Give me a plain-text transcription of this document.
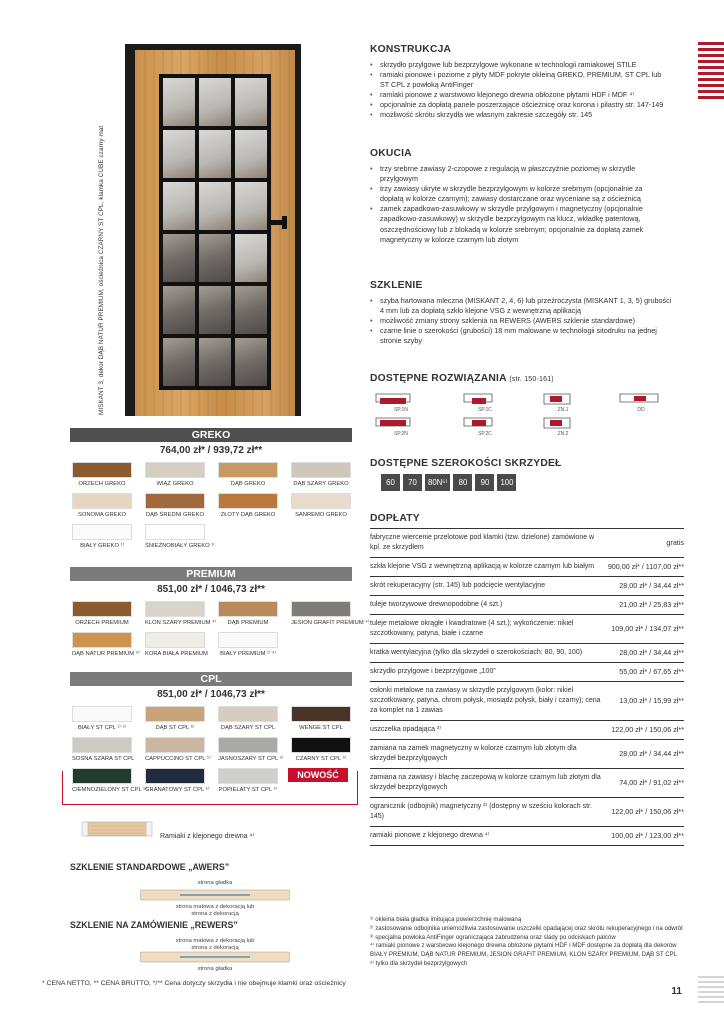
MISKANT 3, dekor DĄB NATUR PREMIUM, ościeżnica CZARNY ST CPL, klamka CUBE czarny mat
GREKO
764,00 zł* / 939,72 zł**
ORZECH GREKO	WIĄZ GREKO	DĄB GREKO	DĄB SZARY GREKO
SONOMA GREKO	DĄB ŚREDNI GREKO	ZŁOTY DĄB GREKO	SANREMO GREKO
BIAŁY GREKO ¹⁾	ŚNIEŻNOBIAŁY GREKO ¹⁾
PREMIUM
851,00 zł* / 1046,73 zł**
ORZECH PREMIUM	KLON SZARY PREMIUM ⁴⁾	DĄB PREMIUM	JESION GRAFIT PREMIUM ⁴⁾
DĄB NATUR PREMIUM ⁴⁾ KORA BIAŁA PREMIUM	BIAŁY PREMIUM ¹⁾ ⁴⁾
CPL
851,00 zł* / 1046,73 zł**
BIAŁY ST CPL ¹⁾ ⁵⁾	DĄB ST CPL ⁵⁾	DĄB SZARY ST CPL	WENGE ST CPL
SOSNA SZARA ST CPL CAPPUCCINO ST CPL ⁵⁾ JASNOSZARY ST CPL ⁵⁾	CZARNY ST CPL ⁵⁾
CIEMNOZIELONY ST CPL ⁵⁾
GRANATOWY ST CPL ⁵⁾ POPIELATY ST CPL ⁵⁾
NOWOŚĆ
Ramiaki z klejonego drewna ⁴⁾
SZKLENIE STANDARDOWE „AWERS”
strona gładka
strona matowa z dekoracją lub
strona z dekoracją
SZKLENIE NA ZAMÓWIENIE „REWERS”
strona matowa z dekoracją lub
strona z dekoracją
strona gładka
* CENA NETTO, ** CENA BRUTTO, */** Cena dotyczy skrzydła i nie obejmuje klamki oraz ościeżnicy
KONSTRUKCJA
• skrzydło przylgowe lub bezprzylgowe wykonane w technologii ramiakowej STILE
• ramiaki pionowe i poziome z płyty MDF pokryte okleiną GREKO, PREMIUM, ST CPL lub
ST CPL z powłoką AntiFinger
• ramiaki pionowe z warstwowo klejonego drewna obłożone płytami HDF i MDF ⁴⁾
• opcjonalnie za dopłatą panele poszerzające ościeżnicę oraz korona i pilastry str. 147-149
• możliwość skrótu skrzydła we własnym zakresie szczegóły str. 145
OKUCIA
• trzy srebrne zawiasy 2-czopowe z regulacją w płaszczyźnie poziomej w skrzydle
przylgowym
• trzy zawiasy ukryte w skrzydle bezprzylgowym w kolorze srebrnym (opcjonalnie za
dopłatą w kolorze czarnym); zawiasy dostarczane oraz wyceniane są z ościeżnicą
• zamek zapadkowo-zasuwkowy w skrzydle przylgowym i magnetyczny (opcjonalnie
zapadkowo-zasuwkowy) w skrzydle bezprzylgowym na klucz, wkładkę patentową,
oszczędnościowy lub z blokadą w kolorze srebrnym; opcjonalnie za dopłatą zamek
magnetyczny w kolorze czarnym lub złotym
SZKLENIE
• szyba hartowana mleczna (MISKANT 2, 4, 6) lub przeźroczysta (MISKANT 1, 3, 5) grubości
4 mm lub za dopłatą szkło klejone VSG z wewnętrzną aplikacją
• możliwość zmiany strony szklenia na REWERS (AWERS szklenie standardowe)
• czarne linie o szerokości (grubości) 18 mm malowane w technologii sitodruku na jednej
stronie szyby
DOSTĘPNE ROZWIĄZANIA (str. 150-161)
SP.1N	SP.1C	ZN.1	DD
SP.2N	SP.2C	ZN.2
DOSTĘPNE SZEROKOŚCI SKRZYDEŁ
60	70	80N⁵⁾	80	90	100
DOPŁATY
fabryczne wiercenie przelotowe pod klamki (tzw. dzielone) zamówione w kpl. ze skrzydłem	gratis
szkła klejone VSG z wewnętrzną aplikacją w kolorze czarnym lub białym	900,00 zł* / 1107,00 zł**
skrót rekuperacyjny (str. 145) lub podcięcie wentylacyjne	28,00 zł* / 34,44 zł**
tuleje tworzywowe drewnopodobne (4 szt.)	21,00 zł* / 25,83 zł**
tuleje metalowe okrągłe i kwadratowe (4 szt.); wykończenie: nikiel szczotkowany, patyna, białe i czarne	109,00 zł* / 134,07 zł**
kratka wentylacyjna (tylko dla skrzydeł o szerokościach: 80, 90, 100)	28,00 zł* / 34,44 zł**
skrzydło przylgowe i bezprzylgowe „100”	55,00 zł* / 67,65 zł**
osłonki metalowe na zawiasy w skrzydle przylgowym (kolor: nikiel szczotkowany, patyna, chrom połysk, mosiądz połysk, biały i czarny); cena za komplet na 1 zawias	13,00 zł* / 15,99 zł**
uszczelka opadająca ³⁾	122,00 zł* / 150,06 zł**
zamiana na zamek magnetyczny w kolorze czarnym lub złotym dla skrzydeł bezprzylgowych	28,00 zł* / 34,44 zł**
zamiana na zawiasy i blachę zaczepową w kolorze czarnym lub złotym dla skrzydeł bezprzylgowych	74,00 zł* / 91,02 zł**
ogranicznik (odbojnik) magnetyczny ²⁾ (dostępny w sześciu kolorach str. 145)	122,00 zł* / 150,06 zł**
ramiaki pionowe z klejonego drewna ⁴⁾	100,00 zł* / 123,00 zł**
¹⁾ okleina biała gładka imitująca powierzchnię malowaną
²⁾ zastosowanie odbojnika uniemożliwia zastosowanie uszczelki opadającej oraz skrótu rekuperacyjnego i na odwrót
³⁾ specjalna powłoka AntiFinger ograniczająca zabrudzenia oraz ślady po odciskach palców
⁴⁾ ramiaki pionowe z warstwowo klejonego drewna obłożone płytami HDF i MDF dostępne za dopłatą dla dekorów
BIAŁY PREMIUM, DĄB NATUR PREMIUM, JESION GRAFIT PREMIUM, KLON SZARY PREMIUM, DĄB ST CPL
⁵⁾ tylko dla skrzydeł bezprzylgowych
11
